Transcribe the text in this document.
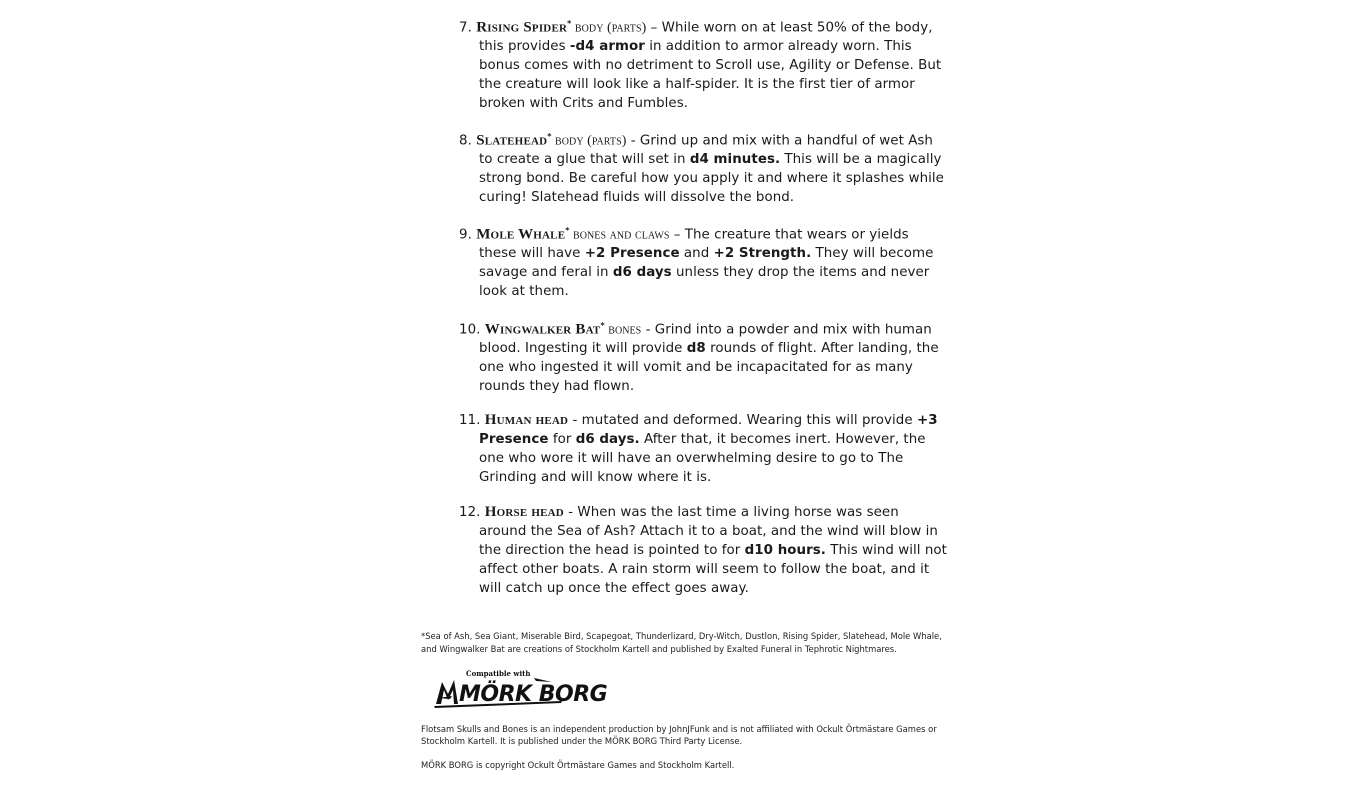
7. Rising Spider* body (parts) – While worn on at least 50% of the body, this provides -d4 armor in addition to armor already worn. This bonus comes with no detriment to Scroll use, Agility or Defense. But the creature will look like a half-spider. It is the first tier of armor broken with Crits and Fumbles.
8. Slatehead* body (parts) - Grind up and mix with a handful of wet Ash to create a glue that will set in d4 minutes. This will be a magically strong bond. Be careful how you apply it and where it splashes while curing! Slatehead fluids will dissolve the bond.
9. Mole Whale* bones and claws – The creature that wears or yields these will have +2 Presence and +2 Strength. They will become savage and feral in d6 days unless they drop the items and never look at them.
10. Wingwalker Bat* bones - Grind into a powder and mix with human blood. Ingesting it will provide d8 rounds of flight. After landing, the one who ingested it will vomit and be incapacitated for as many rounds they had flown.
11. Human head - mutated and deformed. Wearing this will provide +3 Presence for d6 days. After that, it becomes inert. However, the one who wore it will have an overwhelming desire to go to The Grinding and will know where it is.
12. Horse head - When was the last time a living horse was seen around the Sea of Ash? Attach it to a boat, and the wind will blow in the direction the head is pointed to for d10 hours. This wind will not affect other boats. A rain storm will seem to follow the boat, and it will catch up once the effect goes away.
*Sea of Ash, Sea Giant, Miserable Bird, Scapegoat, Thunderlizard, Dry-Witch, Dustlon, Rising Spider, Slatehead, Mole Whale, and Wingwalker Bat are creations of Stockholm Kartell and published by Exalted Funeral in Tephrotic Nightmares.
Compatible with
MÖRK BORG
Flotsam Skulls and Bones is an independent production by JohnJFunk and is not affiliated with Ockult Örtmästare Games or Stockholm Kartell. It is published under the MÖRK BORG Third Party License.
MÖRK BORG is copyright Ockult Örtmästare Games and Stockholm Kartell.
